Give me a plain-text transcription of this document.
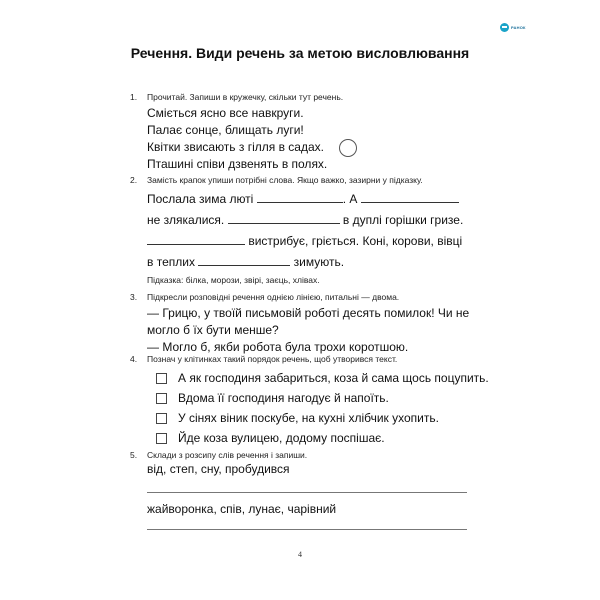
РАНОК
Речення. Види речень за метою висловлювання
1. Прочитай. Запиши в кружечку, скільки тут речень.
Сміється ясно все навкруги.
Палає сонце, блищать луги!
Квітки звисають з гілля в садах.
Пташині співи дзвенять в полях.
2. Замість крапок упиши потрібні слова. Якщо важко, зазирни у підказку.
Послала зима люті	. А
не злякалися.	в дуплі горішки гризе.
вистрибує, гріється. Коні, корови, вівці
в теплих	зимують.
Підказка: білка, морози, звірі, заєць, хлівах.
3. Підкресли розповідні речення однією лінією, питальні — двома.
— Грицю, у твоїй письмовій роботі десять помилок! Чи не
могло б їх бути менше?
— Могло б, якби робота була трохи коротшою.
4. Познач у клітинках такий порядок речень, щоб утворився текст.
А як господиня забариться, коза й сама щось поцупить.
Вдома її господиня нагодує й напоїть.
У сінях віник поскубе, на кухні хлібчик ухопить.
Йде коза вулицею, додому поспішає.
5. Склади з розсипу слів речення і запиши.
від, степ, сну, пробудився
жайворонка, спів, лунає, чарівний
4
